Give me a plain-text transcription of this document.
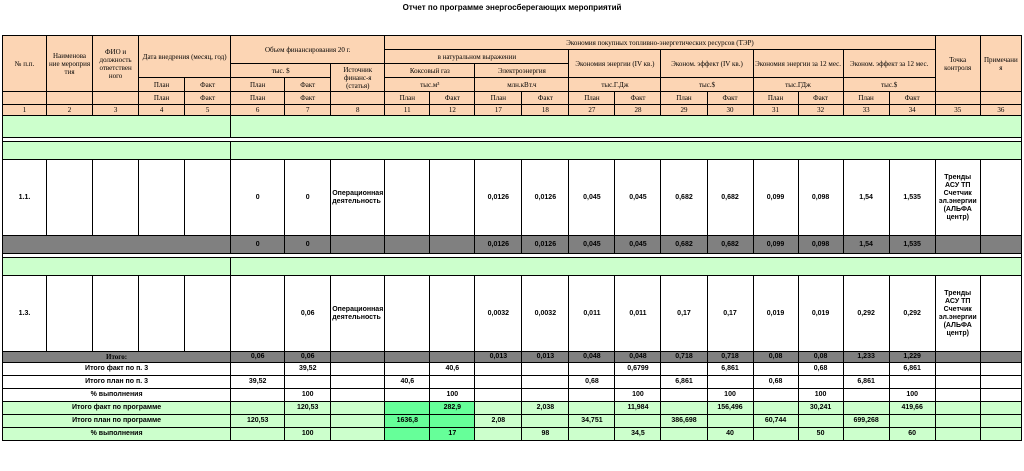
Отчет по программе энергосберегающих мероприятий
№ п.п.	Наименова ние мероприя тия	ФИО и должность ответствен ного	Дата внедрения (месяц, год)		Объем финансирования 20 г.			Экономия покупных топливно-энергетических ресурсов (ТЭР)												Точка контроля	Примечани я
								в натуральном выражении				Экономия энергии (IV кв.)		Эконом. эффект (IV кв.)		Экономия энергии за 12 мес.		Эконом. эффект за 12 мес.			
					тыс. $		Источник финанс-я (статья)	Коксовый газ		Электроэнергия											
			План	Факт	План	Факт		тыс.м³		млн.кВт.ч		тыс.Г.Дж		тыс.$		тыс.ГДж		тыс.$			
			План	Факт	План	Факт		План	Факт	План	Факт	План	Факт	План	Факт	План	Факт	План	Факт		
1	2	3	4	5	6	7	8	11	12	17	18	27	28	29	30	31	32	33	34	35	36

1.1.					0	0	Операционная деятельность			0,0126	0,0126	0,045	0,045	0,682	0,682	0,099	0,098	1,54	1,535	Тренды АСУ ТП Счетчик эл.энергии (АЛЬФА центр)	
					0	0				0,0126	0,0126	0,045	0,045	0,682	0,682	0,099	0,098	1,54	1,535		

1.3.						0,06	Операционная деятельность			0,0032	0,0032	0,011	0,011	0,17	0,17	0,019	0,019	0,292	0,292	Тренды АСУ ТП Счетчик эл.энергии (АЛЬФА центр)	
Итого:					0,06	0,06				0,013	0,013	0,048	0,048	0,718	0,718	0,08	0,08	1,233	1,229		
Итого факт по п. 3						39,52			40,6				0,6799		6,861		0,68		6,861		
Итого план по п. 3					39,52			40,6				0,68		6,861		0,68		6,861			
% выполнения						100			100				100		100		100		100		
Итого факт по программе						120,53			282,9		2,038		11,984		156,496		30,241		419,66		
Итого план по программе					120,53			1636,8		2,08		34,751		386,698		60,744		699,268			
% выполнения						100			17		98		34,5		40		50		60		
